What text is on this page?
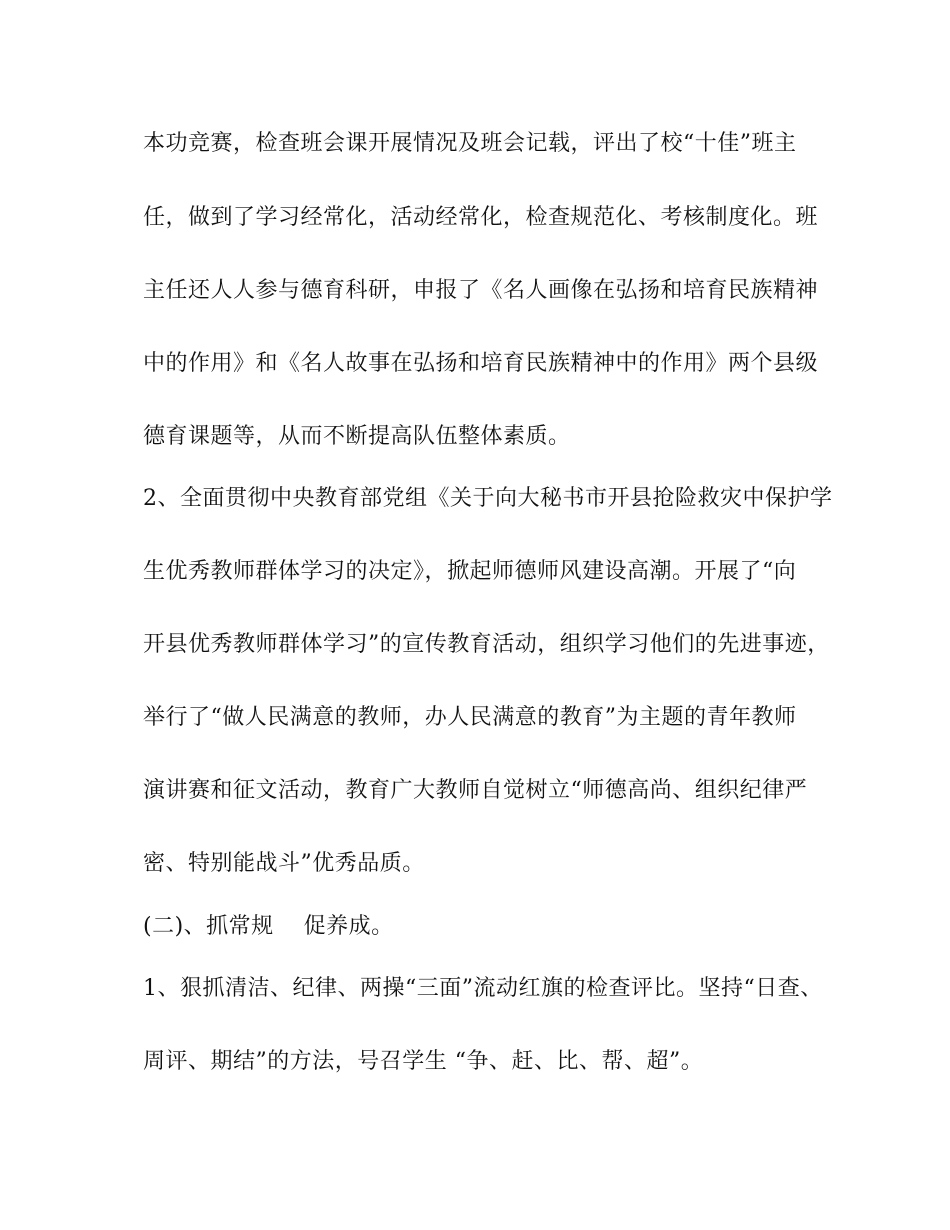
本功竞赛，检查班会课开展情况及班会记载，评出了校“十佳”班主
任，做到了学习经常化，活动经常化，检查规范化、考核制度化。班
主任还人人参与德育科研，申报了《名人画像在弘扬和培育民族精神
中的作用》和《名人故事在弘扬和培育民族精神中的作用》两个县级
德育课题等，从而不断提高队伍整体素质。
2、全面贯彻中央教育部党组《关于向大秘书市开县抢险救灾中保护学
生优秀教师群体学习的决定》，掀起师德师风建设高潮。开展了“向
开县优秀教师群体学习”的宣传教育活动，组织学习他们的先进事迹，
举行了“做人民满意的教师，办人民满意的教育”为主题的青年教师
演讲赛和征文活动，教育广大教师自觉树立“师德高尚、组织纪律严
密、特别能战斗”优秀品质。
(二)、抓常规　 促养成。
1、狠抓清洁、纪律、两操“三面”流动红旗的检查评比。坚持“日查、
周评、期结”的方法，号召学生 “争、赶、比、帮、超”。
